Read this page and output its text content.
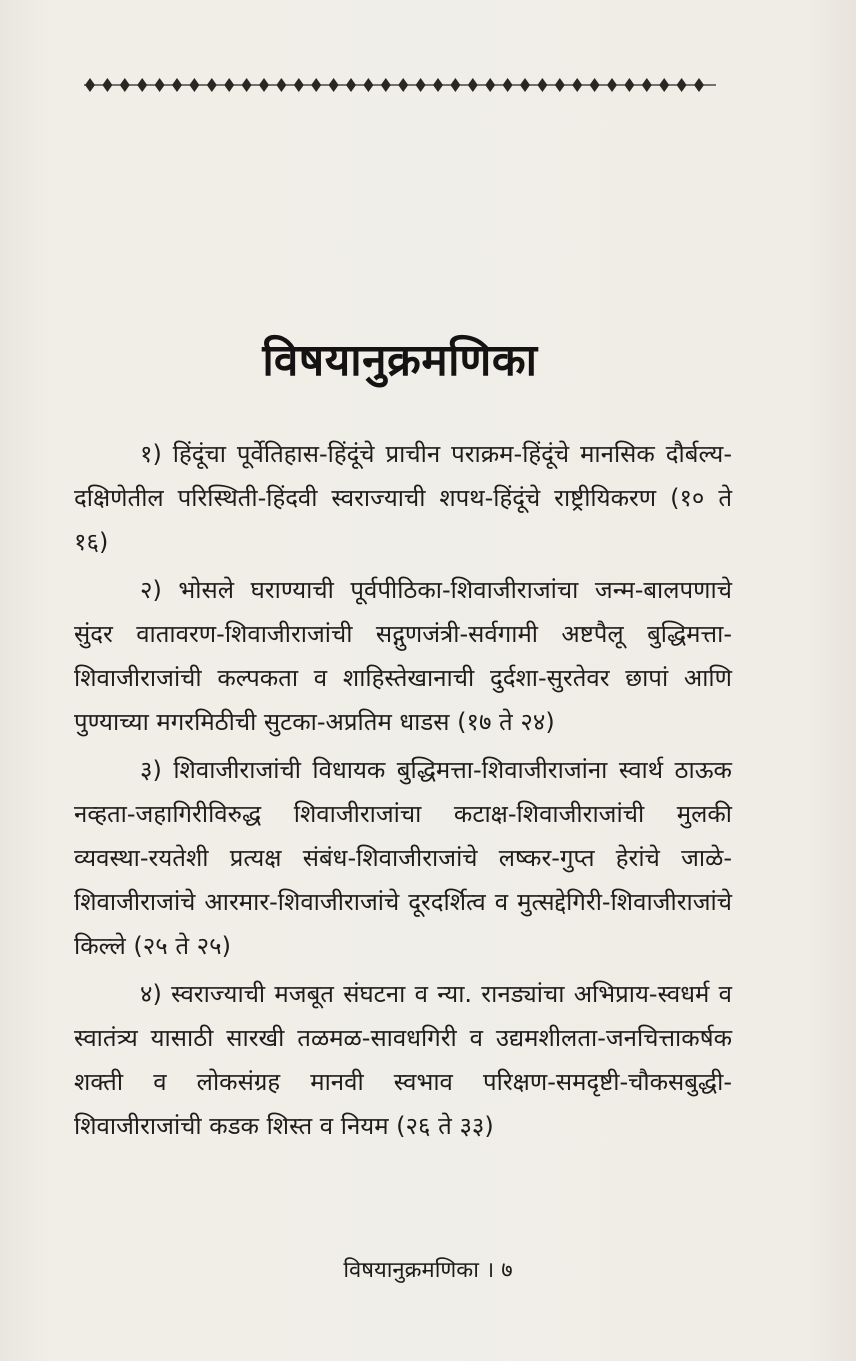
विषयानुक्रमणिका

१) हिंदूंचा पूर्वेतिहास-हिंदूंचे प्राचीन पराक्रम-हिंदूंचे मानसिक दौर्बल्य-दक्षिणेतील परिस्थिती-हिंदवी स्वराज्याची शपथ-हिंदूंचे राष्ट्रीयिकरण (१० ते १६)

२) भोसले घराण्याची पूर्वपीठिका-शिवाजीराजांचा जन्म-बालपणाचे सुंदर वातावरण-शिवाजीराजांची सद्गुणजंत्री-सर्वगामी अष्टपैलू बुद्धिमत्ता-शिवाजीराजांची कल्पकता व शाहिस्तेखानाची दुर्दशा-सुरतेवर छापां आणि पुण्याच्या मगरमिठीची सुटका-अप्रतिम धाडस (१७ ते २४)

३) शिवाजीराजांची विधायक बुद्धिमत्ता-शिवाजीराजांना स्वार्थ ठाऊक नव्हता-जहागिरीविरुद्ध शिवाजीराजांचा कटाक्ष-शिवाजीराजांची मुलकी व्यवस्था-रयतेशी प्रत्यक्ष संबंध-शिवाजीराजांचे लष्कर-गुप्त हेरांचे जाळे-शिवाजीराजांचे आरमार-शिवाजीराजांचे दूरदर्शित्व व मुत्सद्देगिरी-शिवाजीराजांचे किल्ले (२५ ते २५)

४) स्वराज्याची मजबूत संघटना व न्या. रानड्यांचा अभिप्राय-स्वधर्म व स्वातंत्र्य यासाठी सारखी तळमळ-सावधगिरी व उद्यमशीलता-जनचित्ताकर्षक शक्ती व लोकसंग्रह मानवी स्वभाव परिक्षण-समदृष्टी-चौकसबुद्धी-शिवाजीराजांची कडक शिस्त व नियम (२६ ते ३३)

विषयानुक्रमणिका । ७
